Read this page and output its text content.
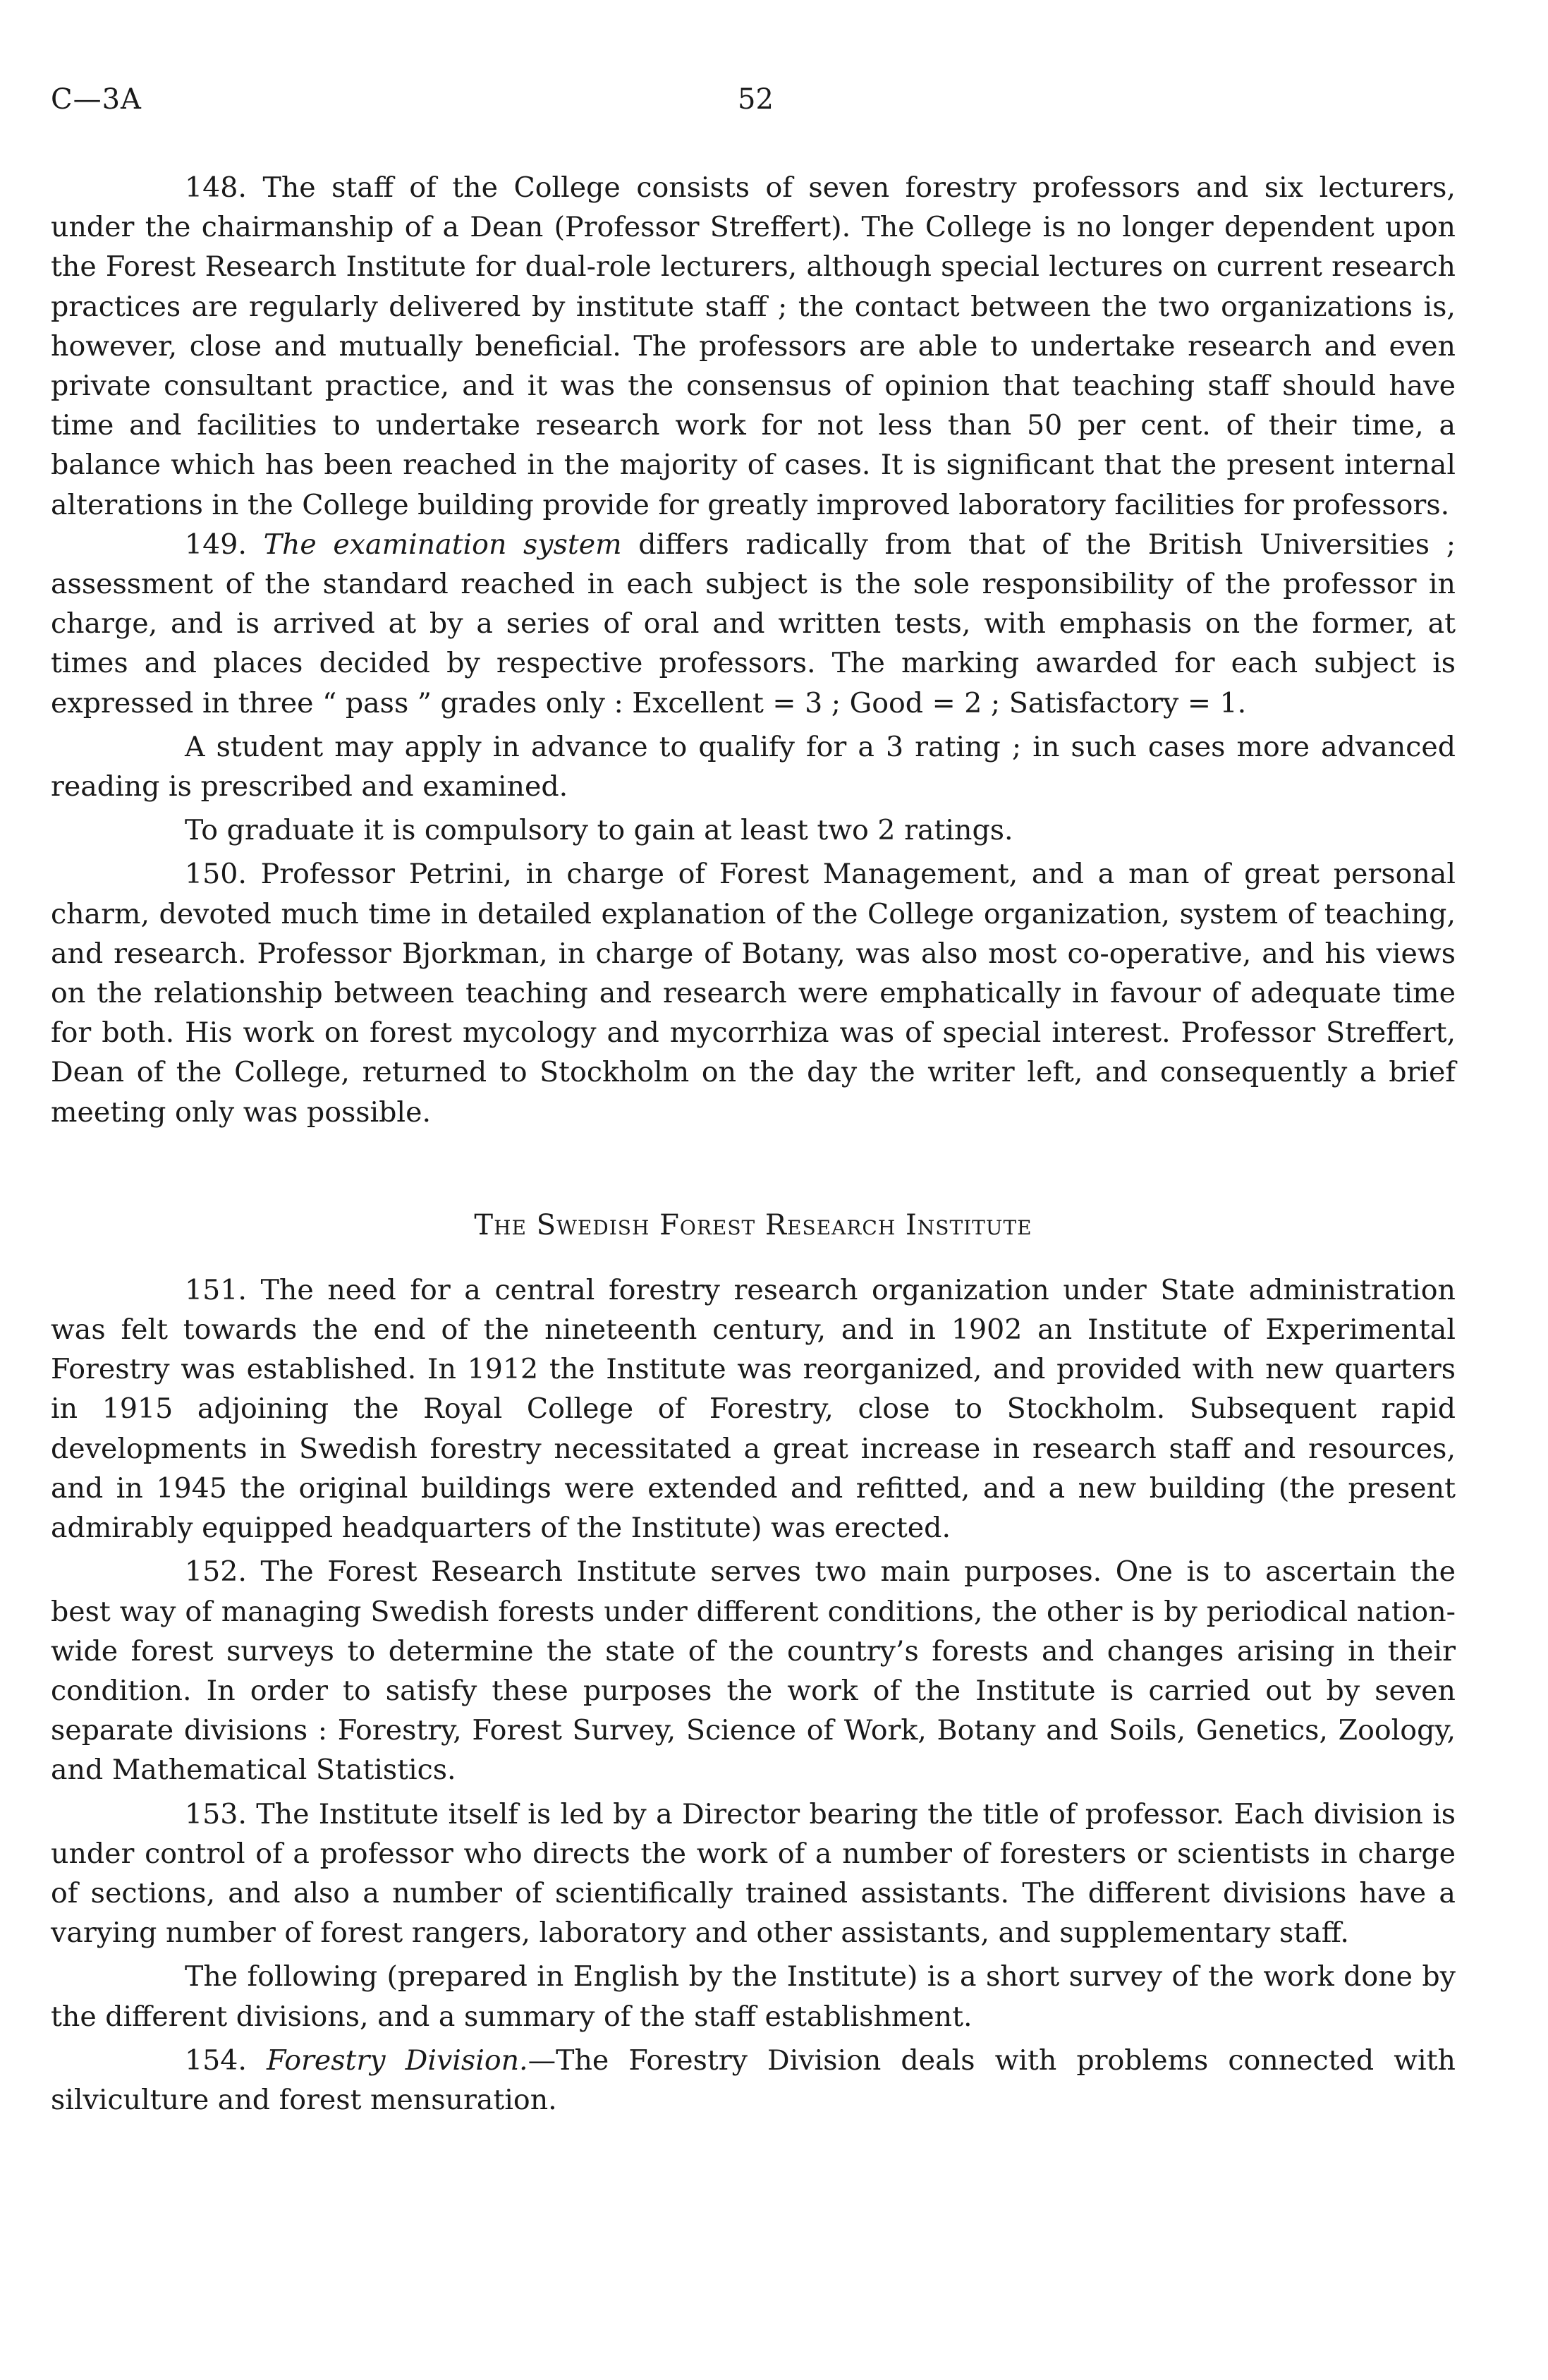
C—3A	52

148. The staff of the College consists of seven forestry professors and six lecturers, under the chairmanship of a Dean (Professor Streffert). The College is no longer dependent upon the Forest Research Institute for dual-role lecturers, although special lectures on current research practices are regularly delivered by institute staff ; the contact between the two organizations is, however, close and mutually beneficial. The professors are able to undertake research and even private consultant practice, and it was the consensus of opinion that teaching staff should have time and facilities to undertake research work for not less than 50 per cent. of their time, a balance which has been reached in the majority of cases. It is significant that the present internal alterations in the College building provide for greatly improved laboratory facilities for professors.

149. The examination system differs radically from that of the British Universities ; assessment of the standard reached in each subject is the sole responsibility of the professor in charge, and is arrived at by a series of oral and written tests, with emphasis on the former, at times and places decided by respective professors. The marking awarded for each subject is expressed in three “ pass ” grades only : Excellent = 3 ; Good = 2 ; Satisfactory = 1.

A student may apply in advance to qualify for a 3 rating ; in such cases more advanced reading is prescribed and examined.

To graduate it is compulsory to gain at least two 2 ratings.

150. Professor Petrini, in charge of Forest Management, and a man of great personal charm, devoted much time in detailed explanation of the College organization, system of teaching, and research. Professor Bjorkman, in charge of Botany, was also most co-operative, and his views on the relationship between teaching and research were emphatically in favour of adequate time for both. His work on forest mycology and mycorrhiza was of special interest. Professor Streffert, Dean of the College, returned to Stockholm on the day the writer left, and consequently a brief meeting only was possible.

The Swedish Forest Research Institute

151. The need for a central forestry research organization under State administration was felt towards the end of the nineteenth century, and in 1902 an Institute of Experimental Forestry was established. In 1912 the Institute was reorganized, and provided with new quarters in 1915 adjoining the Royal College of Forestry, close to Stockholm. Subsequent rapid developments in Swedish forestry necessitated a great increase in research staff and resources, and in 1945 the original buildings were extended and refitted, and a new building (the present admirably equipped headquarters of the Institute) was erected.

152. The Forest Research Institute serves two main purposes. One is to ascertain the best way of managing Swedish forests under different conditions, the other is by periodical nation-wide forest surveys to determine the state of the country’s forests and changes arising in their condition. In order to satisfy these purposes the work of the Institute is carried out by seven separate divisions : Forestry, Forest Survey, Science of Work, Botany and Soils, Genetics, Zoology, and Mathematical Statistics.

153. The Institute itself is led by a Director bearing the title of professor. Each division is under control of a professor who directs the work of a number of foresters or scientists in charge of sections, and also a number of scientifically trained assistants. The different divisions have a varying number of forest rangers, laboratory and other assistants, and supplementary staff.

The following (prepared in English by the Institute) is a short survey of the work done by the different divisions, and a summary of the staff establishment.

154. Forestry Division.—The Forestry Division deals with problems connected with silviculture and forest mensuration.
